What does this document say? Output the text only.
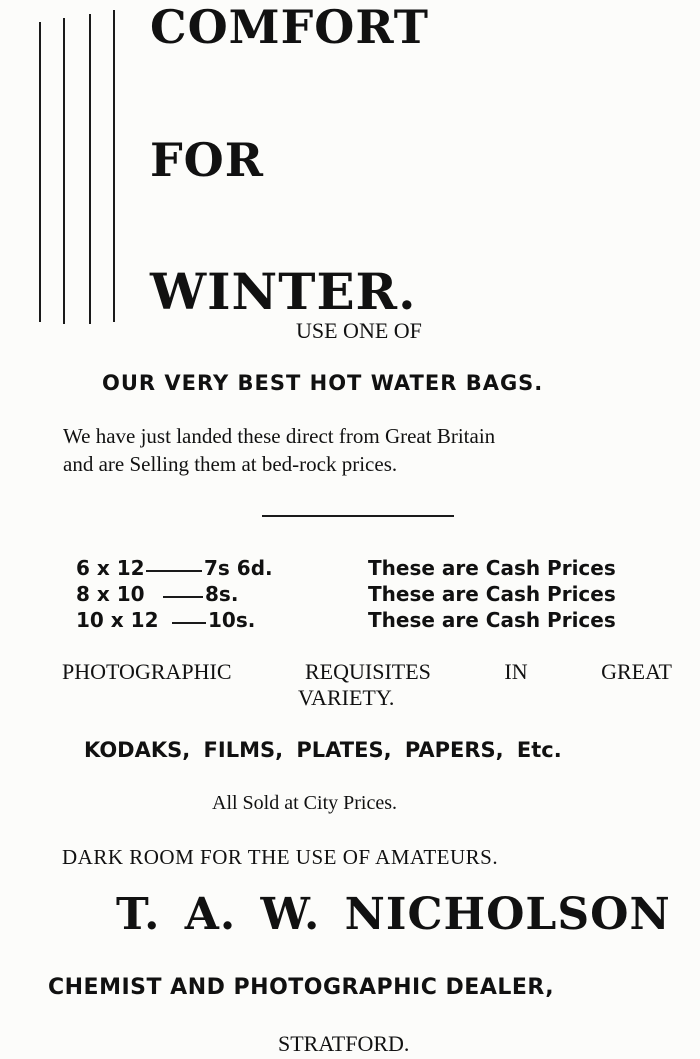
COMFORT
FOR
WINTER.
USE ONE OF
OUR VERY BEST HOT WATER BAGS.
We have just landed these direct from Great Britain
and are Selling them at bed-rock prices.
6 x 12	7s 6d.	These are Cash Prices
8 x 10	8s.	These are Cash Prices
10 x 12 10s.	These are Cash Prices
PHOTOGRAPHIC REQUISITES IN GREAT
VARIETY.
KODAKS, FILMS, PLATES, PAPERS, Etc.
All Sold at City Prices.
DARK ROOM FOR THE USE OF AMATEURS.
T. A. W. NICHOLSON
CHEMIST AND PHOTOGRAPHIC DEALER,
STRATFORD.
